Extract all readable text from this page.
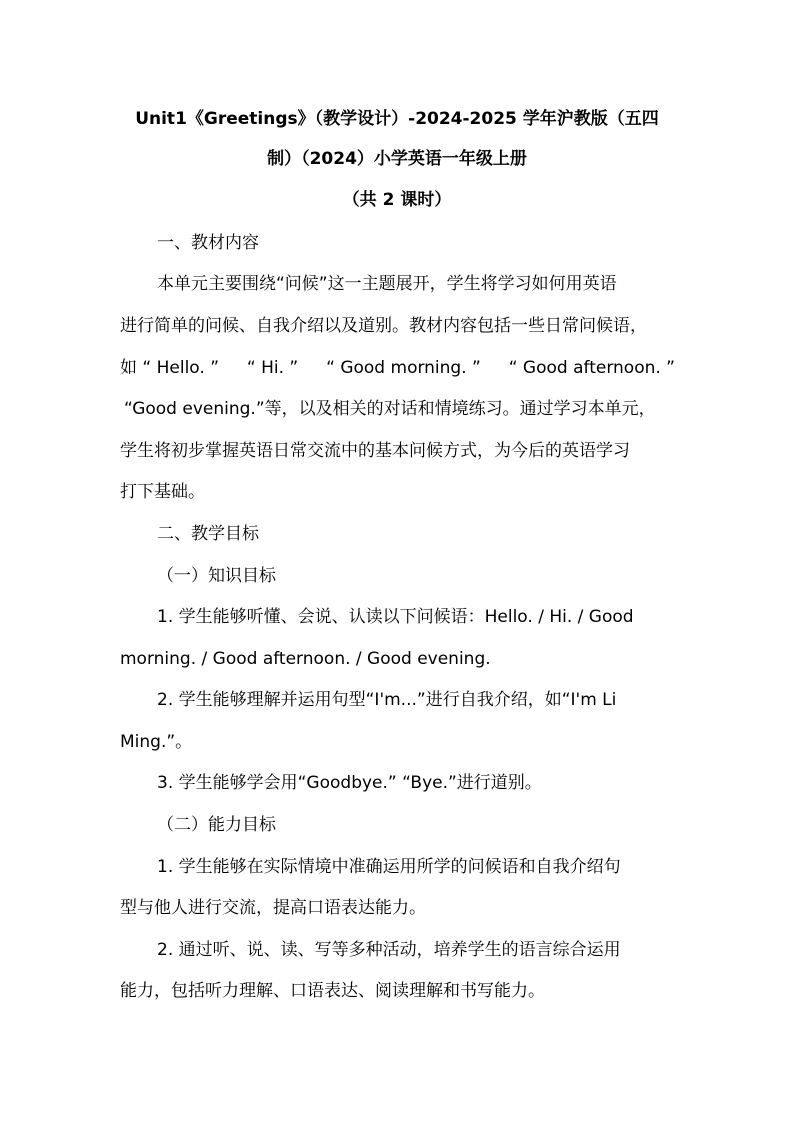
Unit1《Greetings》（教学设计）-2024-2025 学年沪教版（五四
制）（2024）小学英语一年级上册
（共 2 课时）
一、教材内容
本单元主要围绕“问候”这一主题展开，学生将学习如何用英语
进行简单的问候、自我介绍以及道别。教材内容包括一些日常问候语，
如 “ Hello. ” “ Hi. ” “ Good morning. ” “ Good afternoon. ”
“Good evening.”等，以及相关的对话和情境练习。通过学习本单元，
学生将初步掌握英语日常交流中的基本问候方式，为今后的英语学习
打下基础。
二、教学目标
（一）知识目标
1. 学生能够听懂、会说、认读以下问候语：Hello. / Hi. / Good
morning. / Good afternoon. / Good evening.
2. 学生能够理解并运用句型“I'm...”进行自我介绍，如“I'm Li
Ming.”。
3. 学生能够学会用“Goodbye.” “Bye.”进行道别。
（二）能力目标
1. 学生能够在实际情境中准确运用所学的问候语和自我介绍句
型与他人进行交流，提高口语表达能力。
2. 通过听、说、读、写等多种活动，培养学生的语言综合运用
能力，包括听力理解、口语表达、阅读理解和书写能力。
